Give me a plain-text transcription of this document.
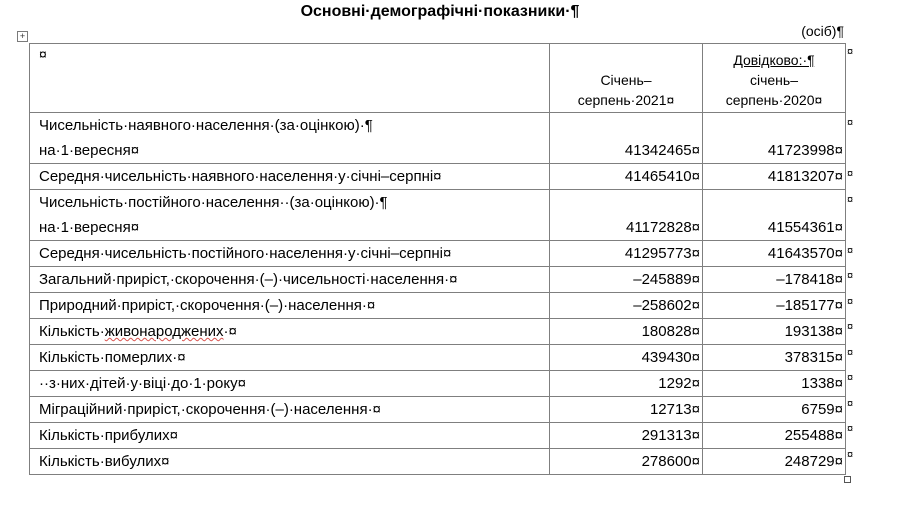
Основні·демографічні·показники·¶
(осіб)¶
+
¤	Січень–серпень·2021¤	Довідково:·¶
січень–серпень·2020¤

Чисельність·наявного·населення·(за·оцінкою)·¶
на·1·вересня¤	41342465¤	41723998¤
Середня·чисельність·наявного·населення·у·січні–серпні¤	41465410¤	41813207¤

Чисельність·постійного·населення··(за·оцінкою)·¶
на·1·вересня¤	41172828¤	41554361¤
Середня·чисельність·постійного·населення·у·січні–серпні¤	41295773¤	41643570¤
Загальний·приріст,·скорочення·(–)·чисельності·населення·¤	–245889¤	–178418¤
Природний·приріст,·скорочення·(–)·населення·¤	–258602¤	–185177¤
Кількість·живонароджених·¤	180828¤	193138¤
Кількість·померлих·¤	439430¤	378315¤
··з·них·дітей·у·віці·до·1·року¤	1292¤	1338¤
Міграційний·приріст,·скорочення·(–)·населення·¤	12713¤	6759¤
Кількість·прибулих¤	291313¤	255488¤
Кількість·вибулих¤	278600¤	248729¤
¤
¤
¤
¤
¤
¤
¤
¤
¤
¤
¤
¤
¤
